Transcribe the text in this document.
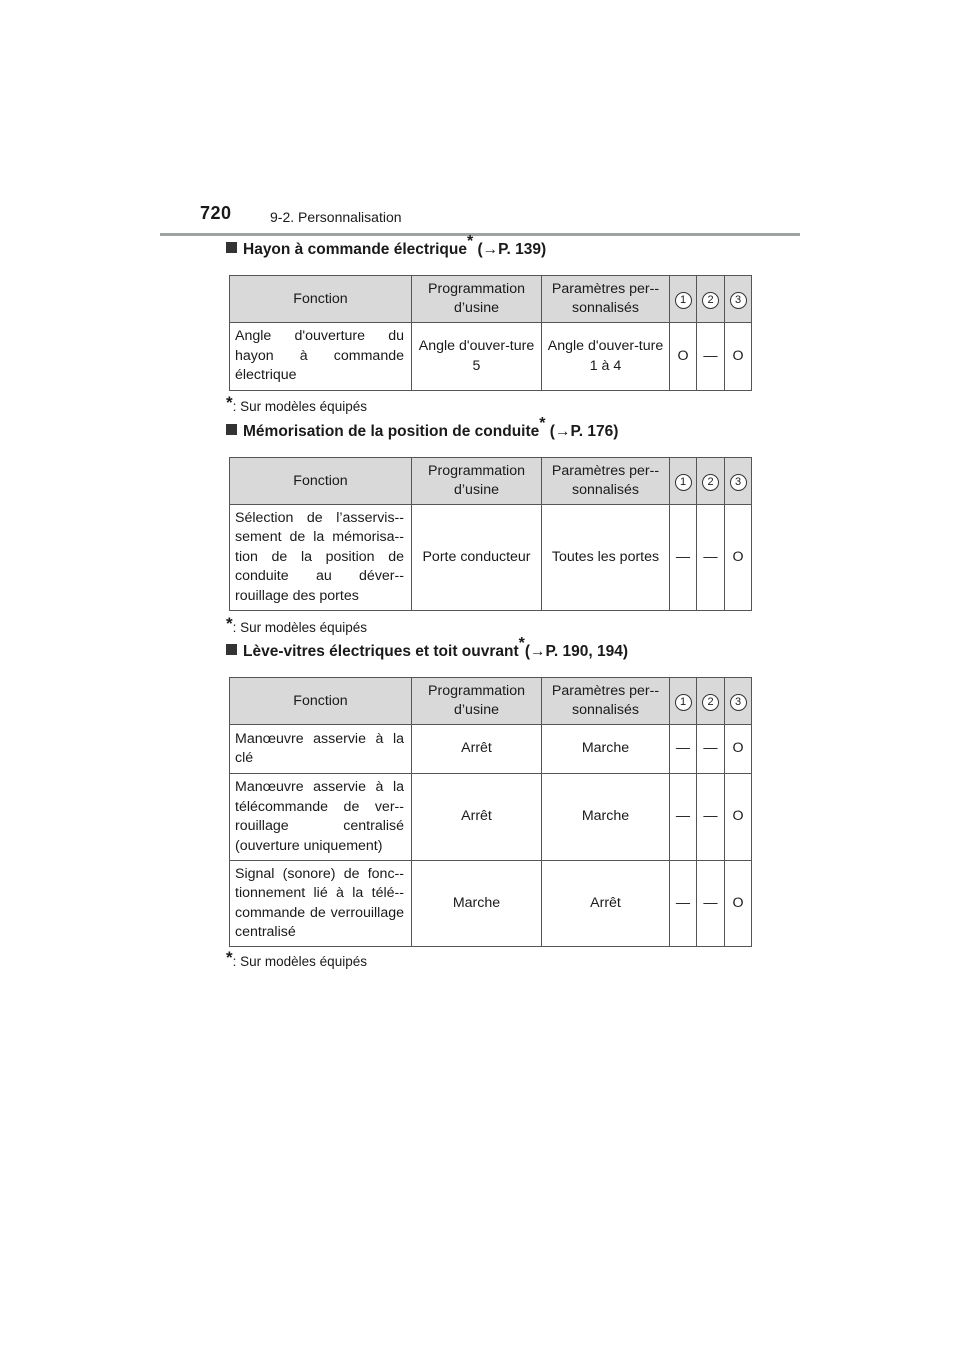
720	9-2. Personnalisation
Hayon à commande électrique* (→P. 139)
Fonction	Programmation d’usine	Paramètres per-sonnalisés	1	2	3
Angle d'ouverture du hayon à commande électrique	Angle d'ouver-ture 5	Angle d'ouver-ture 1 à 4	O	—	O
*: Sur modèles équipés
Mémorisation de la position de conduite* (→P. 176)
Fonction	Programmation d’usine	Paramètres per-sonnalisés	1	2	3
Sélection de l’asservis-sement de la mémorisa-tion de la position de conduite au déver-rouillage des portes	Porte conducteur	Toutes les portes	—	—	O
*: Sur modèles équipés
Lève-vitres électriques et toit ouvrant*(→P. 190, 194)
Fonction	Programmation d’usine	Paramètres per-sonnalisés	1	2	3
Manœuvre asservie à la clé	Arrêt	Marche	—	—	O
Manœuvre asservie à la télécommande de ver-rouillage centralisé (ouverture uniquement)	Arrêt	Marche	—	—	O
Signal (sonore) de fonc-tionnement lié à la télé-commande de verrouillage centralisé	Marche	Arrêt	—	—	O
*: Sur modèles équipés
